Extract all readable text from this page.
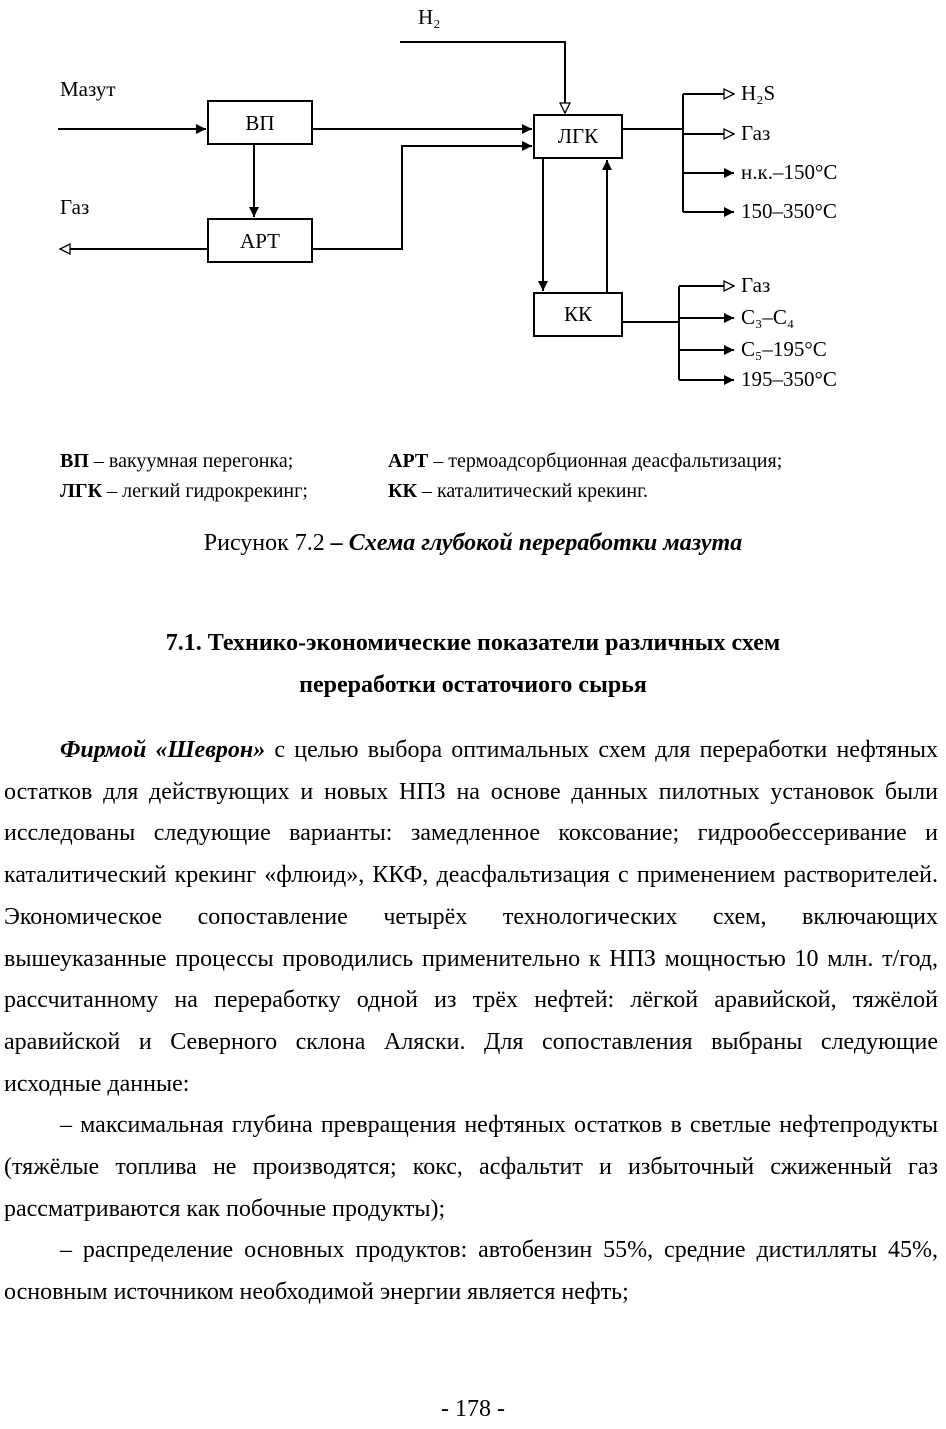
ВП
АРТ
ЛГК
КК
Мазут
H₂
Газ
H₂S
Газ
н.к.–150°C
150–350°C
Газ
C₃–C₄
C₅–195°C
195–350°C
ВП – вакуумная перегонка;	АРТ – термоадсорбционная деасфальтизация;
ЛГК – легкий гидрокрекинг;	КК – каталитический крекинг.
Рисунок 7.2 – Схема глубокой переработки мазута
7.1. Технико-экономические показатели различных схем
переработки остаточиого сырья

Фирмой «Шеврон» с целью выбора оптимальных схем для переработки нефтяных остатков для действующих и новых НПЗ на основе данных пилотных установок были исследованы следующие варианты: замедленное коксование; гидрообессеривание и каталитический крекинг «флюид», ККФ, деасфальтизация с применением растворителей. Экономическое сопоставление четырёх технологических схем, включающих вышеуказанные процессы проводились применительно к НПЗ мощностью 10 млн. т/год, рассчитанному на переработку одной из трёх нефтей: лёгкой аравийской, тяжёлой аравийской и Северного склона Аляски. Для сопоставления выбраны следующие исходные данные:

– максимальная глубина превращения нефтяных остатков в светлые нефтепродукты (тяжёлые топлива не производятся; кокс, асфальтит и избыточный сжиженный газ рассматриваются как побочные продукты);

– распределение основных продуктов: автобензин 55%, средние дистилляты 45%, основным источником необходимой энергии является нефть;

- 178 -
